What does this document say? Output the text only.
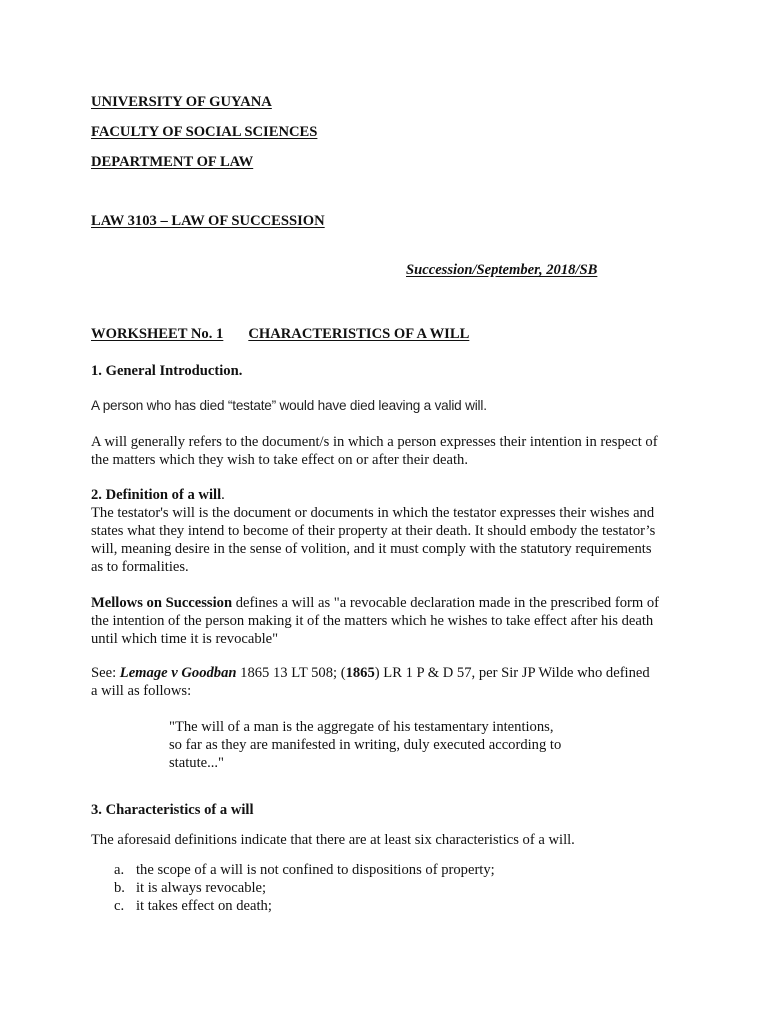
UNIVERSITY OF GUYANA
FACULTY OF SOCIAL SCIENCES
DEPARTMENT OF LAW
LAW 3103 – LAW OF SUCCESSION
Succession/September, 2018/SB
WORKSHEET No. 1 CHARACTERISTICS OF A WILL
1. General Introduction.
A person who has died “testate” would have died leaving a valid will.
A will generally refers to the document/s in which a person expresses their intention in respect of
the matters which they wish to take effect on or after their death.
2. Definition of a will.
The testator's will is the document or documents in which the testator expresses their wishes and
states what they intend to become of their property at their death. It should embody the testator’s
will, meaning desire in the sense of volition, and it must comply with the statutory requirements
as to formalities.
Mellows on Succession defines a will as "a revocable declaration made in the prescribed form of
the intention of the person making it of the matters which he wishes to take effect after his death
until which time it is revocable"
See: Lemage v Goodban 1865 13 LT 508; (1865) LR 1 P & D 57, per Sir JP Wilde who defined
a will as follows:
"The will of a man is the aggregate of his testamentary intentions,
so far as they are manifested in writing, duly executed according to
statute..."
3. Characteristics of a will
The aforesaid definitions indicate that there are at least six characteristics of a will.
a. the scope of a will is not confined to dispositions of property;
b. it is always revocable;
c. it takes effect on death;
